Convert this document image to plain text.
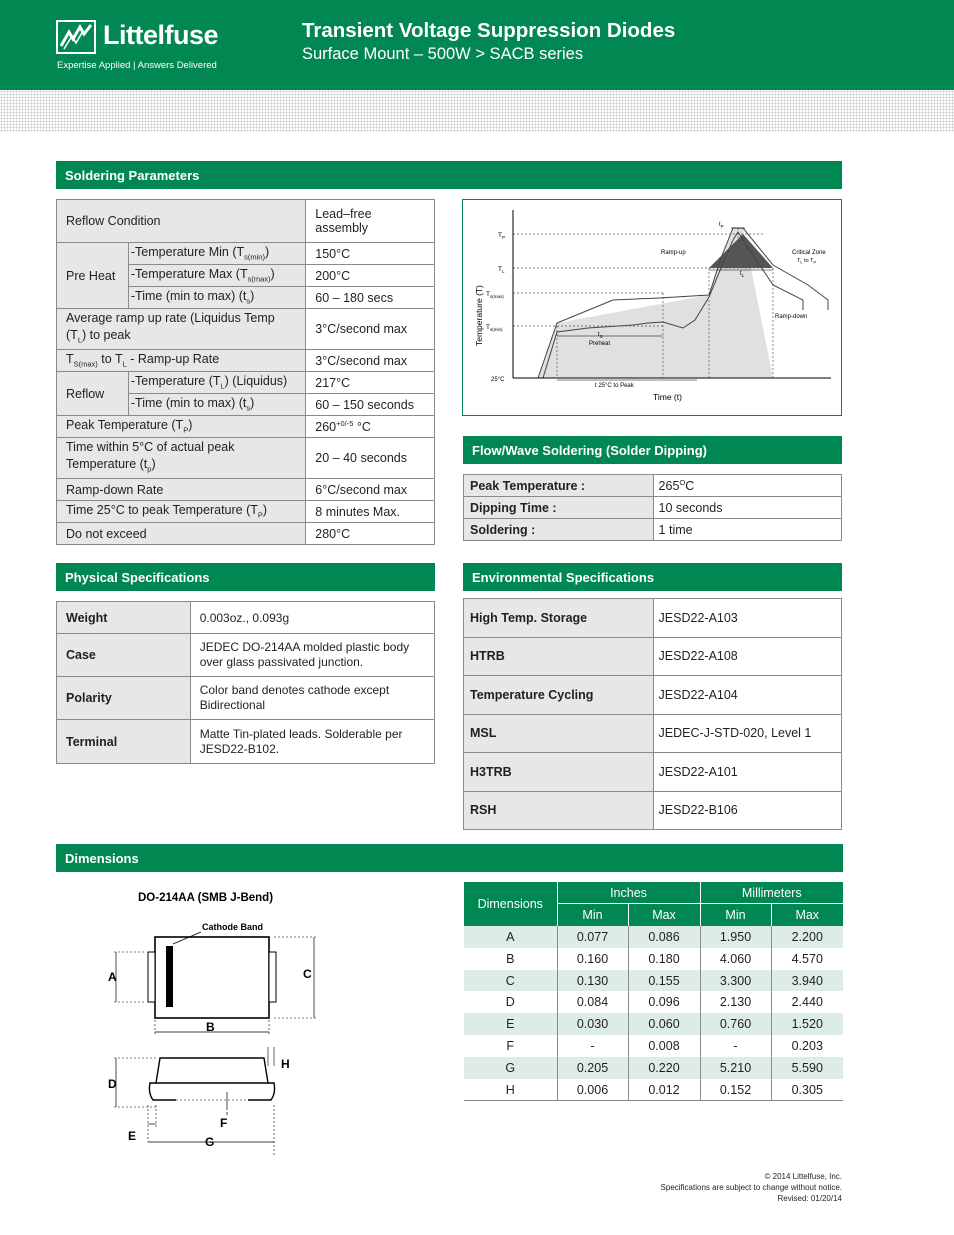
Littelfuse
Expertise Applied | Answers Delivered
Transient Voltage Suppression Diodes
Surface Mount – 500W > SACB series
Soldering Parameters
Reflow Condition		Lead–free assembly
Pre Heat	-Temperature Min $(T_{s(min)})$	150°C
	-Temperature Max $(T_{s(max)})$	200°C
	-Time (min to max) $(t_s)$	60 – 180 secs
Average ramp up rate (Liquidus Temp
$(T_L)$ to peak		3°C/second max
$T_{S(max)}$ to $T_L$ - Ramp-up Rate		3°C/second max
Reflow	-Temperature $(T_L)$ (Liquidus)	217°C
	-Time (min to max) $(t_s)$	60 – 150 seconds
Peak Temperature $(T_P)$		$260^{+0/-5}$ °C
Time within 5°C of actual peak
Temperature $(t_p)$		20 – 40 seconds
Ramp-down Rate		6°C/second max
Time 25°C to peak Temperature $(T_P)$		8 minutes Max.
Do not exceed		280°C
Temperature (T)
Time (t)
$T_P$
$T_L$
$T_{s(max)}$
$T_{s(min)}$
25°C
$t_P$
$t_L$
$t_S$
Ramp-up
Ramp-down
Critical Zone
$T_L$ to $T_P$
Preheat
t 25°C to Peak
Flow/Wave Soldering (Solder Dipping)
Peak Temperature :	$265^OC$
Dipping Time :	10 seconds
Soldering :	1 time
Physical Specifications
Weight	0.003oz., 0.093g
Case	JEDEC DO-214AA molded plastic body
over glass passivated junction.
Polarity	Color band denotes cathode except
Bidirectional
Terminal	Matte Tin-plated leads. Solderable per
JESD22-B102.
Environmental Specifications
High Temp. Storage	JESD22-A103
HTRB	JESD22-A108
Temperature Cycling	JESD22-A104
MSL	JEDEC-J-STD-020, Level 1
H3TRB	JESD22-A101
RSH	JESD22-B106
Dimensions
DO-214AA (SMB J-Bend)
Cathode Band
A	C
B
D
H
F
E	G
Dimensions	Inches		Millimeters	
	Min	Max	Min	Max
A	0.077	0.086	1.950	2.200
B	0.160	0.180	4.060	4.570
C	0.130	0.155	3.300	3.940
D	0.084	0.096	2.130	2.440
E	0.030	0.060	0.760	1.520
F	-	0.008	-	0.203
G	0.205	0.220	5.210	5.590
H	0.006	0.012	0.152	0.305
© 2014 Littelfuse, Inc.
Specifications are subject to change without notice.
Revised: 01/20/14
